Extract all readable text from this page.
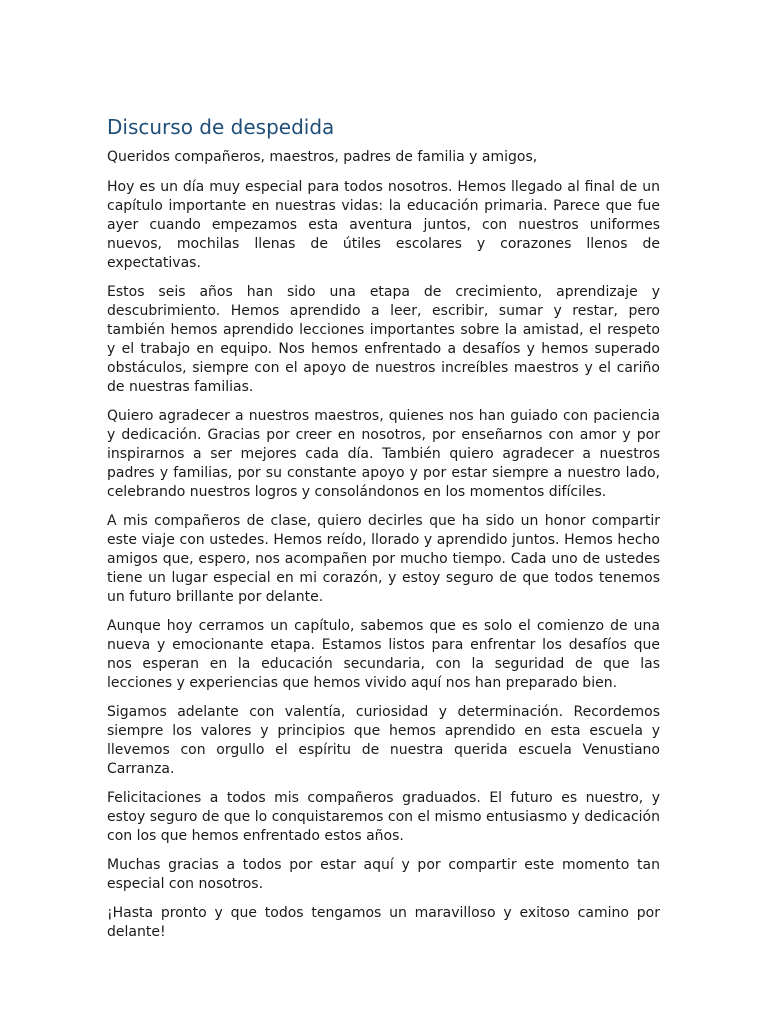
Discurso de despedida

Queridos compañeros, maestros, padres de familia y amigos,

Hoy es un día muy especial para todos nosotros. Hemos llegado al final de un capítulo importante en nuestras vidas: la educación primaria. Parece que fue ayer cuando empezamos esta aventura juntos, con nuestros uniformes nuevos, mochilas llenas de útiles escolares y corazones llenos de expectativas.

Estos seis años han sido una etapa de crecimiento, aprendizaje y descubrimiento. Hemos aprendido a leer, escribir, sumar y restar, pero también hemos aprendido lecciones importantes sobre la amistad, el respeto y el trabajo en equipo. Nos hemos enfrentado a desafíos y hemos superado obstáculos, siempre con el apoyo de nuestros increíbles maestros y el cariño de nuestras familias.

Quiero agradecer a nuestros maestros, quienes nos han guiado con paciencia y dedicación. Gracias por creer en nosotros, por enseñarnos con amor y por inspirarnos a ser mejores cada día. También quiero agradecer a nuestros padres y familias, por su constante apoyo y por estar siempre a nuestro lado, celebrando nuestros logros y consolándonos en los momentos difíciles.

A mis compañeros de clase, quiero decirles que ha sido un honor compartir este viaje con ustedes. Hemos reído, llorado y aprendido juntos. Hemos hecho amigos que, espero, nos acompañen por mucho tiempo. Cada uno de ustedes tiene un lugar especial en mi corazón, y estoy seguro de que todos tenemos un futuro brillante por delante.

Aunque hoy cerramos un capítulo, sabemos que es solo el comienzo de una nueva y emocionante etapa. Estamos listos para enfrentar los desafíos que nos esperan en la educación secundaria, con la seguridad de que las lecciones y experiencias que hemos vivido aquí nos han preparado bien.

Sigamos adelante con valentía, curiosidad y determinación. Recordemos siempre los valores y principios que hemos aprendido en esta escuela y llevemos con orgullo el espíritu de nuestra querida escuela Venustiano Carranza.

Felicitaciones a todos mis compañeros graduados. El futuro es nuestro, y estoy seguro de que lo conquistaremos con el mismo entusiasmo y dedicación con los que hemos enfrentado estos años.

Muchas gracias a todos por estar aquí y por compartir este momento tan especial con nosotros.

¡Hasta pronto y que todos tengamos un maravilloso y exitoso camino por delante!
